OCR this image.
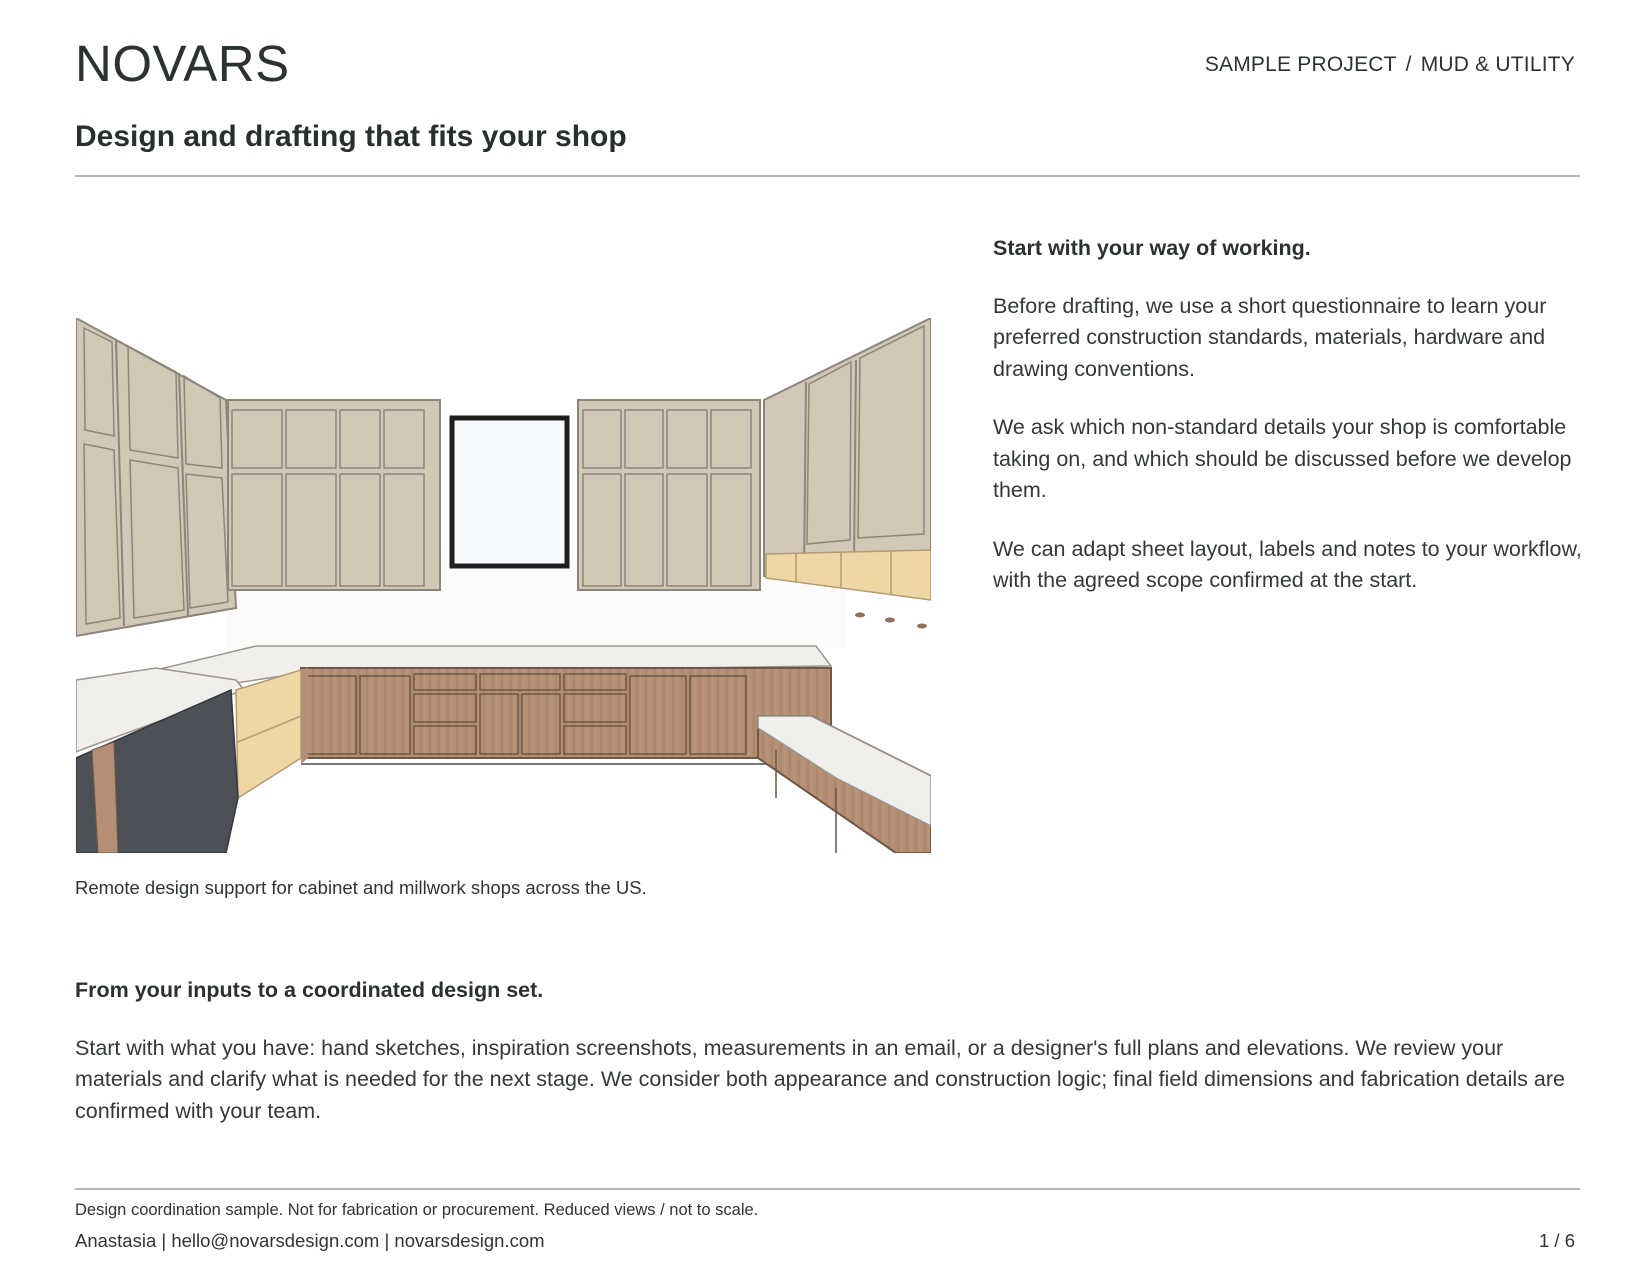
NOVARS	SAMPLE PROJECT / MUD & UTILITY
Design and drafting that fits your shop
Remote design support for cabinet and millwork shops across the US.
Start with your way of working.

Before drafting, we use a short questionnaire to learn your preferred construction standards, materials, hardware and drawing conventions.

We ask which non-standard details your shop is comfortable taking on, and which should be discussed before we develop them.

We can adapt sheet layout, labels and notes to your workflow, with the agreed scope confirmed at the start.

From your inputs to a coordinated design set.

Start with what you have: hand sketches, inspiration screenshots, measurements in an email, or a designer's full plans and elevations. We review your materials and clarify what is needed for the next stage. We consider both appearance and construction logic; final field dimensions and fabrication details are confirmed with your team.

Design coordination sample. Not for fabrication or procurement. Reduced views / not to scale.
Anastasia | hello@novarsdesign.com | novarsdesign.com	1 / 6
